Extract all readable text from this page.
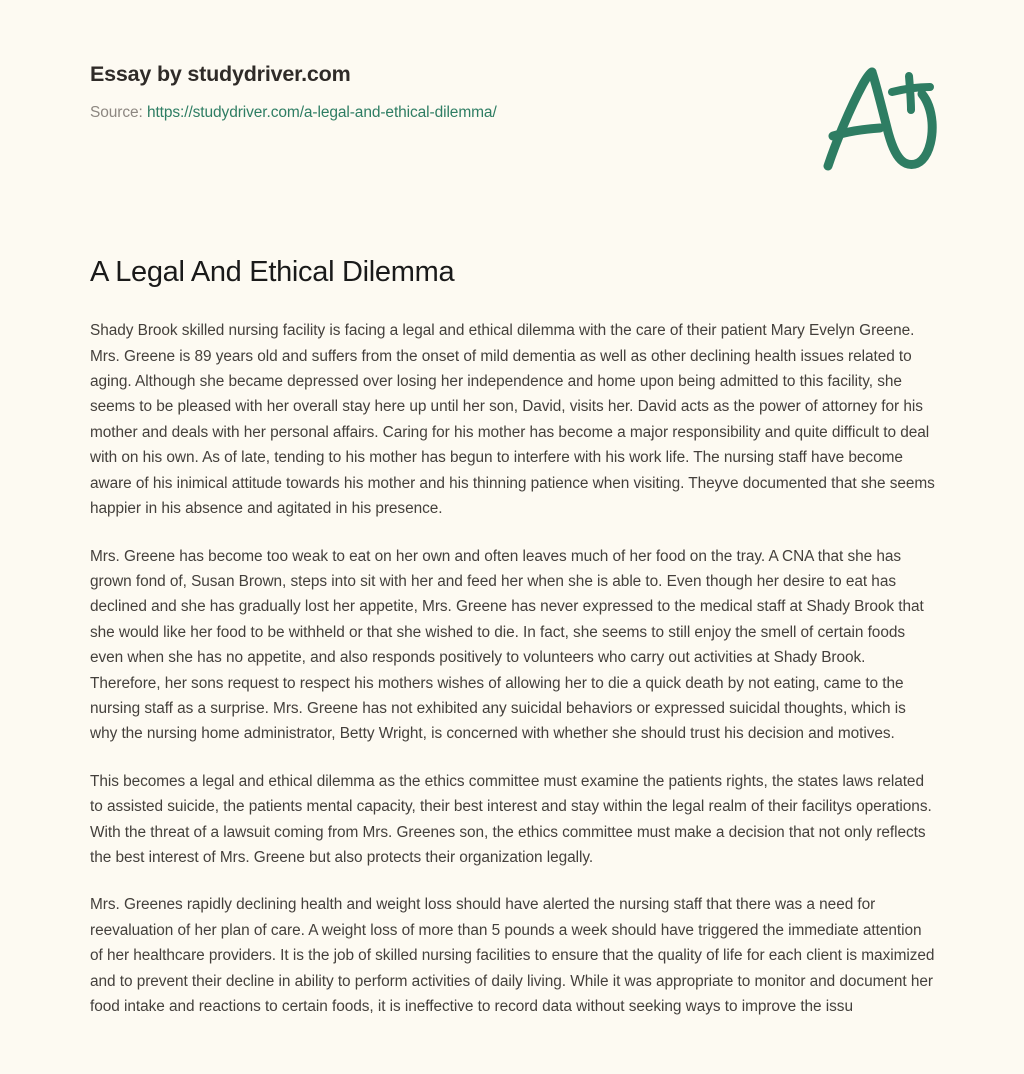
Essay by studydriver.com
Source: https://studydriver.com/a-legal-and-ethical-dilemma/
A Legal And Ethical Dilemma

Shady Brook skilled nursing facility is facing a legal and ethical dilemma with the care of their patient Mary Evelyn Greene. Mrs. Greene is 89 years old and suffers from the onset of mild dementia as well as other declining health issues related to aging. Although she became depressed over losing her independence and home upon being admitted to this facility, she seems to be pleased with her overall stay here up until her son, David, visits her. David acts as the power of attorney for his mother and deals with her personal affairs. Caring for his mother has become a major responsibility and quite difficult to deal with on his own. As of late, tending to his mother has begun to interfere with his work life. The nursing staff have become aware of his inimical attitude towards his mother and his thinning patience when visiting. Theyve documented that she seems happier in his absence and agitated in his presence.

Mrs. Greene has become too weak to eat on her own and often leaves much of her food on the tray. A CNA that she has grown fond of, Susan Brown, steps into sit with her and feed her when she is able to. Even though her desire to eat has declined and she has gradually lost her appetite, Mrs. Greene has never expressed to the medical staff at Shady Brook that she would like her food to be withheld or that she wished to die. In fact, she seems to still enjoy the smell of certain foods even when she has no appetite, and also responds positively to volunteers who carry out activities at Shady Brook. Therefore, her sons request to respect his mothers wishes of allowing her to die a quick death by not eating, came to the nursing staff as a surprise. Mrs. Greene has not exhibited any suicidal behaviors or expressed suicidal thoughts, which is why the nursing home administrator, Betty Wright, is concerned with whether she should trust his decision and motives.

This becomes a legal and ethical dilemma as the ethics committee must examine the patients rights, the states laws related to assisted suicide, the patients mental capacity, their best interest and stay within the legal realm of their facilitys operations. With the threat of a lawsuit coming from Mrs. Greenes son, the ethics committee must make a decision that not only reflects the best interest of Mrs. Greene but also protects their organization legally.

Mrs. Greenes rapidly declining health and weight loss should have alerted the nursing staff that there was a need for reevaluation of her plan of care. A weight loss of more than 5 pounds a week should have triggered the immediate attention of her healthcare providers. It is the job of skilled nursing facilities to ensure that the quality of life for each client is maximized and to prevent their decline in ability to perform activities of daily living. While it was appropriate to monitor and document her food intake and reactions to certain foods, it is ineffective to record data without seeking ways to improve the issu
